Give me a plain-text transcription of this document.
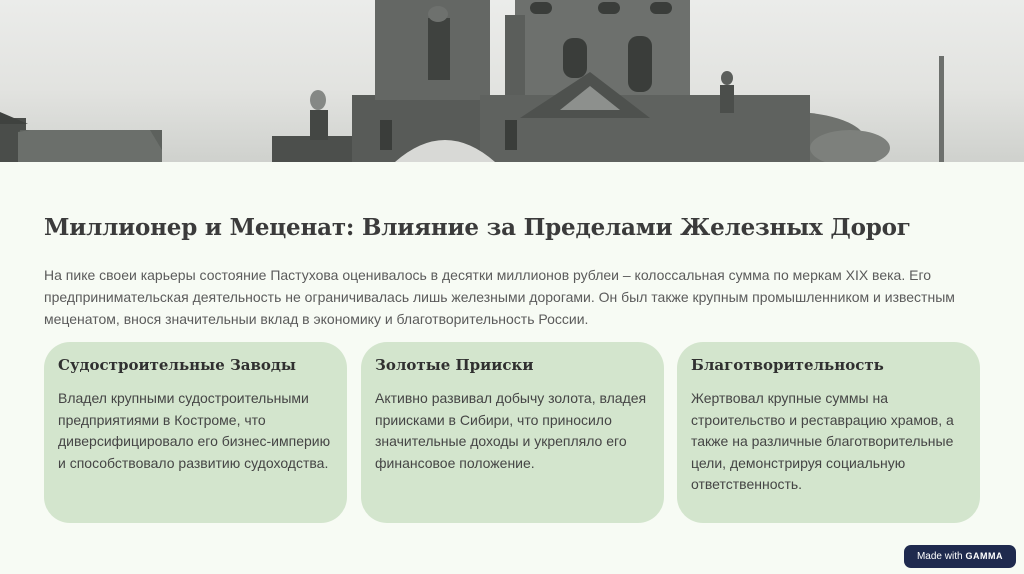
Миллионер и Меценат: Влияние за Пределами Железных Дорог

На пике своеи карьеры состояние Пастухова оценивалось в десятки миллионов рублеи – колоссальная сумма по меркам XIX века. Его предпринимательская деятельность не ограничивалась лишь железными дорогами. Он был также крупным промышленником и известным меценатом, внося значительныи вклад в экономику и благотворительность России.

Судостроительные Заводы

Владел крупными судостроительными предприятиями в Костроме, что диверсифицировало его бизнес-империю и способствовало развитию судоходства.

Золотые Прииски

Активно развивал добычу золота, владея приисками в Сибири, что приносило значительные доходы и укрепляло его финансовое положение.

Благотворительность

Жертвовал крупные суммы на строительство и реставрацию храмов, а также на различные благотворительные цели, демонстрируя социальную ответственность.

Made with GAMMA
